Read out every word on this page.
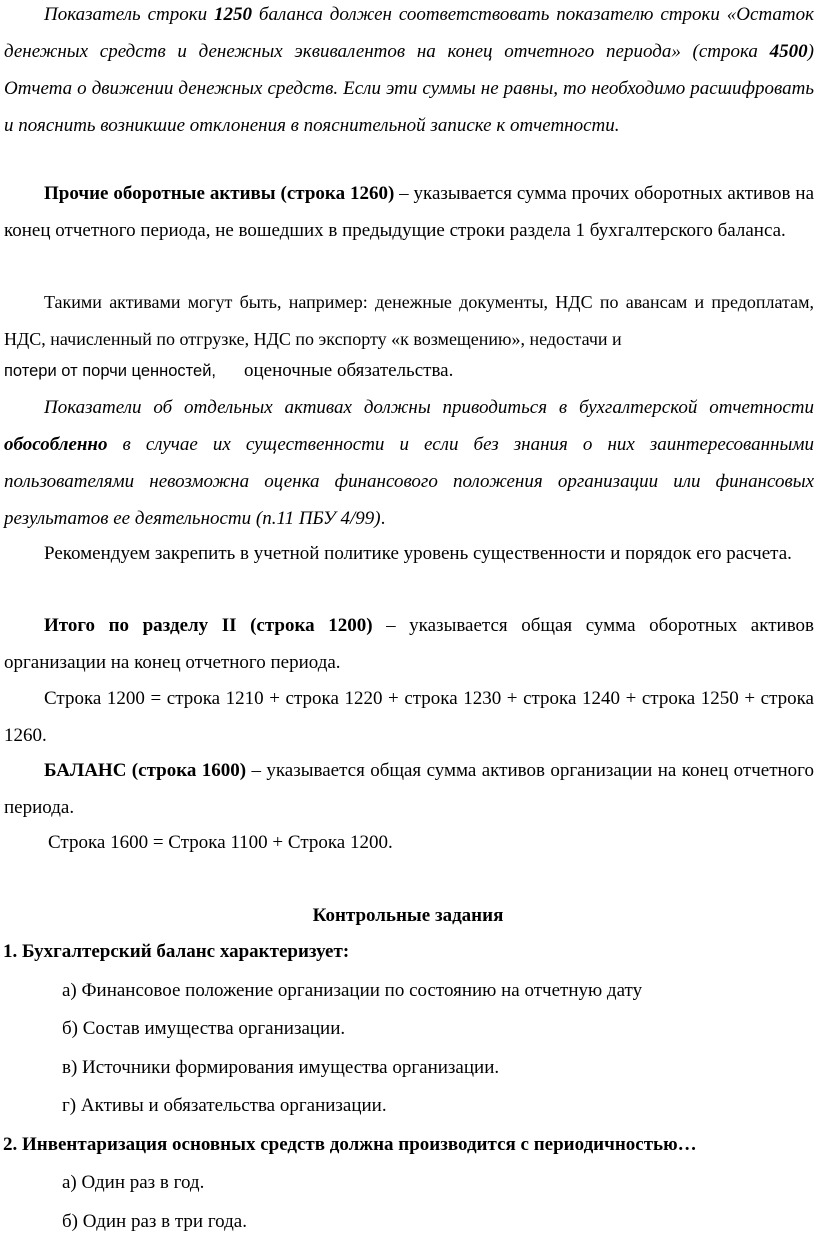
Показатель строки 1250 баланса должен соответствовать показателю строки «Остаток денежных средств и денежных эквивалентов на конец отчетного периода» (строка 4500) Отчета о движении денежных средств. Если эти суммы не равны, то необходимо расшифровать и пояснить возникшие отклонения в пояснительной записке к отчетности.

Прочие оборотные активы (строка 1260) – указывается сумма прочих оборотных активов на конец отчетного периода, не вошедших в предыдущие строки раздела 1 бухгалтерского баланса.

Такими активами могут быть, например: денежные документы, НДС по авансам и предоплатам, НДС, начисленный по отгрузке, НДС по экспорту «к возмещению», недостачи и

потери от порчи ценностей, оценочные обязательства.

Показатели об отдельных активах должны приводиться в бухгалтерской отчетности обособленно в случае их существенности и если без знания о них заинтересованными пользователями невозможна оценка финансового положения организации или финансовых результатов ее деятельности (п.11 ПБУ 4/99).

Рекомендуем закрепить в учетной политике уровень существенности и порядок его расчета.

Итого по разделу II (строка 1200) – указывается общая сумма оборотных активов организации на конец отчетного периода.

Строка 1200 = строка 1210 + строка 1220 + строка 1230 + строка 1240 + строка 1250 + строка 1260.

БАЛАНС (строка 1600) – указывается общая сумма активов организации на конец отчетного периода.

Строка 1600 = Строка 1100 + Строка 1200.
Контрольные задания
1. Бухгалтерский баланс характеризует:
а) Финансовое положение организации по состоянию на отчетную дату
б) Состав имущества организации.
в) Источники формирования имущества организации.
г) Активы и обязательства организации.
2. Инвентаризация основных средств должна производится с периодичностью…
а) Один раз в год.
б) Один раз в три года.
